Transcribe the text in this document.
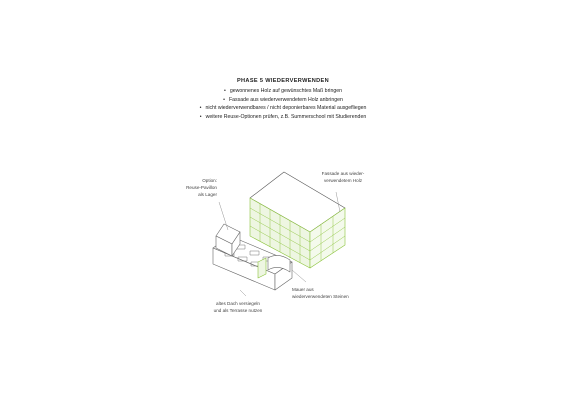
PHASE 5 WIEDERVERWENDEN
• gewonnenes Holz auf gewünschtes Maß bringen
• Fassade aus wiederverwendetem Holz anbringen
• nicht wiederverwendbares / nicht deponierbares Material ausgefliegen
• weitere Reuse-Optionen prüfen, z.B. Summerschool mit Studierenden
Option:
Reuse-Pavillon
als Lager
Fassade aus wieder-
verwendetem Holz
altes Dach versiegeln
und als Terrasse nutzen
Mauer aus
wiederverwendeten Steinen
